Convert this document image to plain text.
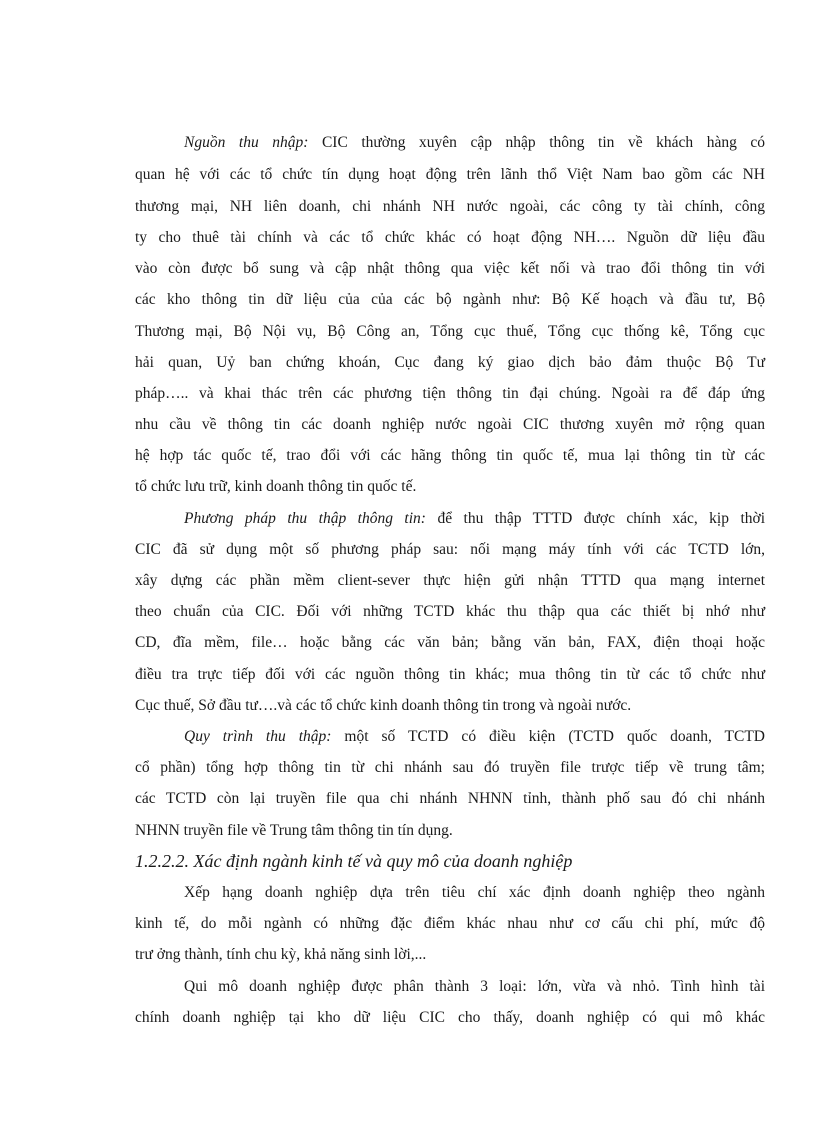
Nguồn thu nhập: CIC thường xuyên cập nhập thông tin về khách hàng có
quan hệ với các tổ chức tín dụng hoạt động trên lãnh thổ Việt Nam bao gồm các NH
thương mại, NH liên doanh, chi nhánh NH nước ngoài, các công ty tài chính, công
ty cho thuê tài chính và các tổ chức khác có hoạt động NH…. Nguồn dữ liệu đầu
vào còn được bổ sung và cập nhật thông qua việc kết nối và trao đổi thông tin với
các kho thông tin dữ liệu của của các bộ ngành như: Bộ Kế hoạch và đầu tư, Bộ
Thương mại, Bộ Nội vụ, Bộ Công an, Tổng cục thuế, Tổng cục thống kê, Tổng cục
hải quan, Uỷ ban chứng khoán, Cục đang ký giao dịch bảo đảm thuộc Bộ Tư
pháp….. và khai thác trên các phương tiện thông tin đại chúng. Ngoài ra để đáp ứng
nhu cầu về thông tin các doanh nghiệp nước ngoài CIC thương xuyên mở rộng quan
hệ hợp tác quốc tế, trao đổi với các hãng thông tin quốc tế, mua lại thông tin từ các
tổ chức lưu trữ, kinh doanh thông tin quốc tế.
Phương pháp thu thập thông tin: để thu thập TTTD được chính xác, kịp thời
CIC đã sử dụng một số phương pháp sau: nối mạng máy tính với các TCTD lớn,
xây dựng các phần mềm client-sever thực hiện gửi nhận TTTD qua mạng internet
theo chuẩn của CIC. Đối với những TCTD khác thu thập qua các thiết bị nhớ như
CD, đĩa mềm, file… hoặc bằng các văn bản; bằng văn bản, FAX, điện thoại hoặc
điều tra trực tiếp đối với các nguồn thông tin khác; mua thông tin từ các tổ chức như
Cục thuế, Sở đầu tư….và các tổ chức kinh doanh thông tin trong và ngoài nước.
Quy trình thu thập: một số TCTD có điều kiện (TCTD quốc doanh, TCTD
cổ phần) tổng hợp thông tin từ chi nhánh sau đó truyền file trược tiếp về trung tâm;
các TCTD còn lại truyền file qua chi nhánh NHNN tỉnh, thành phố sau đó chi nhánh
NHNN truyền file về Trung tâm thông tin tín dụng.
1.2.2.2. Xác định ngành kinh tế và quy mô của doanh nghiệp
Xếp hạng doanh nghiệp dựa trên tiêu chí xác định doanh nghiệp theo ngành
kinh tế, do mỗi ngành có những đặc điểm khác nhau như cơ cấu chi phí, mức độ
trư ởng thành, tính chu kỳ, khả năng sinh lời,...
Qui mô doanh nghiệp được phân thành 3 loại: lớn, vừa và nhỏ. Tình hình tài
chính doanh nghiệp tại kho dữ liệu CIC cho thấy, doanh nghiệp có qui mô khác
